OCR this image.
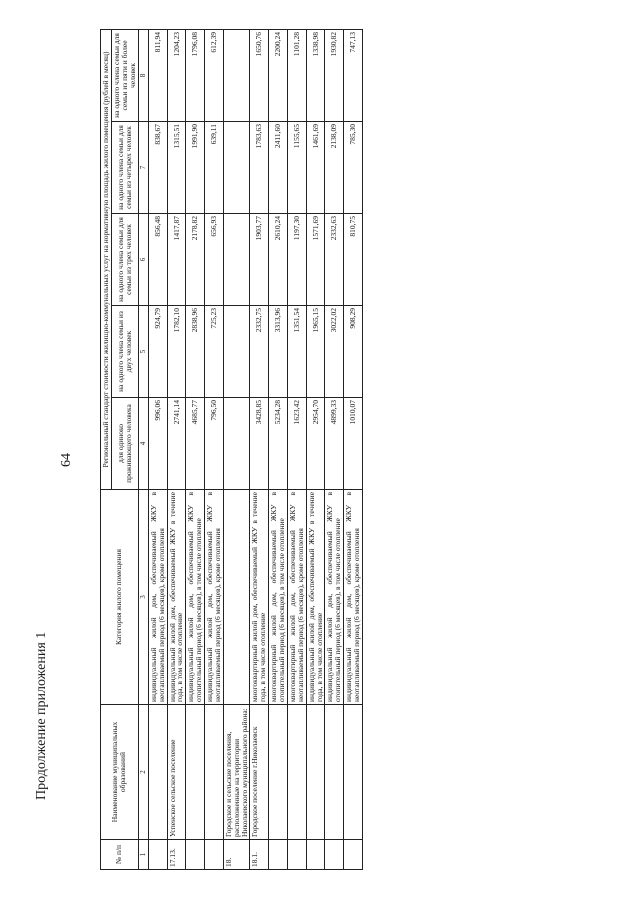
64
Продолжение приложения 1
№ п/п	Наименование муниципальных образований	Категория жилого помещения	Региональный стандарт стоимости жилищно-коммунальных услуг на нормативную площадь жилого помещения (рублей в месяц)				
			для одиноко проживающего человека	на одного члена семьи из двух человек	на одного члена семьи для семьи из трех человек	на одного члена семьи для семьи из четырех человек	на одного члена семьи для семьи из пяти и более человек
1	2	3	4	5	6	7	8
		индивидуальный жилой дом, обеспечиваемый ЖКУ в неотапливаемый период (6 месяцев), кроме отопления	996,06	924,79	856,48	838,67	811,94
17.13.	Успенское сельское поселение	индивидуальный жилой дом, обеспечиваемый ЖКУ в течение года, в том числе отопление	2741,14	1782,10	1417,87	1315,51	1204,23
		индивидуальный жилой дом, обеспечиваемый ЖКУ в отопительный период (6 месяцев), в том числе отопление	4685,77	2838,96	2178,82	1991,90	1796,08
		индивидуальный жилой дом, обеспечиваемый ЖКУ в неотапливаемый период (6 месяцев), кроме отопления	796,50	725,23	656,93	639,11	612,39
18.	Городское и сельские поселения, расположенные на территории Николаевского муниципального района:						
18.1.	Городское поселение г.Николаевск	многоквартирный жилой дом, обеспечиваемый ЖКУ в течение года, в том числе отопление	3428,85	2332,75	1903,77	1783,63	1650,76
		многоквартирный жилой дом, обеспечиваемый ЖКУ в отопительный период (6 месяцев), в том числе отопление	5234,28	3313,96	2610,24	2411,60	2200,24
		многоквартирный жилой дом, обеспечиваемый ЖКУ в неотапливаемый период (6 месяцев), кроме отопления	1623,42	1351,54	1197,30	1155,65	1101,28
		индивидуальный жилой дом, обеспечиваемый ЖКУ в течение года, в том числе отопление	2954,70	1965,15	1571,69	1461,69	1338,98
		индивидуальный жилой дом, обеспечиваемый ЖКУ в отопительный период (6 месяцев), в том числе отопление	4899,33	3022,02	2332,63	2138,09	1930,82
		индивидуальный жилой дом, обеспечиваемый ЖКУ в неотапливаемый период (6 месяцев), кроме отопления	1010,07	908,29	810,75	785,30	747,13
